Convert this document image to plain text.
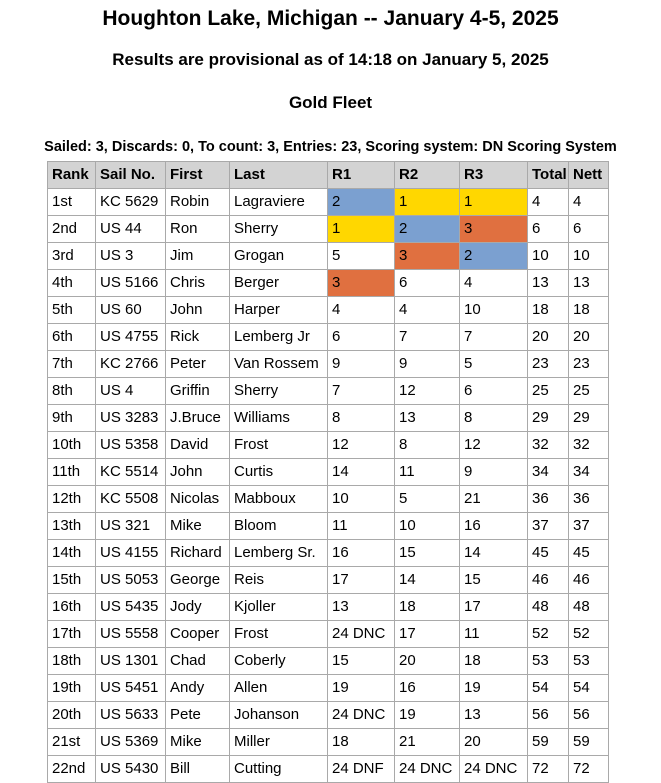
Houghton Lake, Michigan -- January 4-5, 2025
Results are provisional as of 14:18 on January 5, 2025
Gold Fleet
Sailed: 3, Discards: 0, To count: 3, Entries: 23, Scoring system: DN Scoring System
Rank	Sail No.	First	Last	R1	R2	R3	Total	Nett
1st	KC 5629	Robin	Lagraviere	2	1	1	4	4
2nd	US 44	Ron	Sherry	1	2	3	6	6
3rd	US 3	Jim	Grogan	5	3	2	10	10
4th	US 5166	Chris	Berger	3	6	4	13	13
5th	US 60	John	Harper	4	4	10	18	18
6th	US 4755	Rick	Lemberg Jr	6	7	7	20	20
7th	KC 2766	Peter	Van Rossem	9	9	5	23	23
8th	US 4	Griffin	Sherry	7	12	6	25	25
9th	US 3283	J.Bruce	Williams	8	13	8	29	29
10th	US 5358	David	Frost	12	8	12	32	32
11th	KC 5514	John	Curtis	14	11	9	34	34
12th	KC 5508	Nicolas	Mabboux	10	5	21	36	36
13th	US 321	Mike	Bloom	11	10	16	37	37
14th	US 4155	Richard	Lemberg Sr.	16	15	14	45	45
15th	US 5053	George	Reis	17	14	15	46	46
16th	US 5435	Jody	Kjoller	13	18	17	48	48
17th	US 5558	Cooper	Frost	24 DNC	17	11	52	52
18th	US 1301	Chad	Coberly	15	20	18	53	53
19th	US 5451	Andy	Allen	19	16	19	54	54
20th	US 5633	Pete	Johanson	24 DNC	19	13	56	56
21st	US 5369	Mike	Miller	18	21	20	59	59
22nd	US 5430	Bill	Cutting	24 DNF	24 DNC	24 DNC	72	72
